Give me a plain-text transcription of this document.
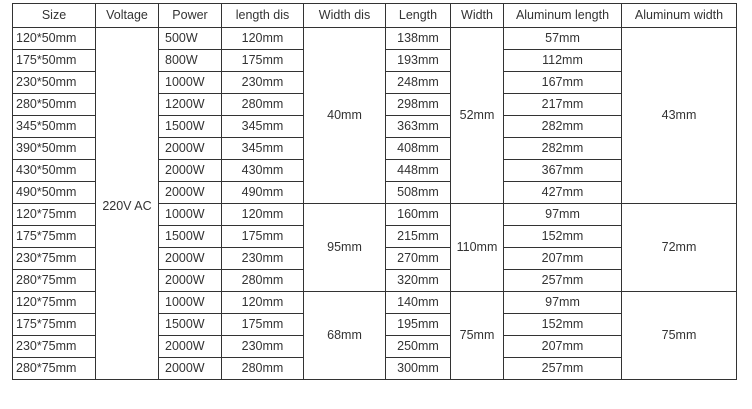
Size	Voltage	Power	length dis	Width dis	Length	Width	Aluminum length	Aluminum width
120*50mm	220V AC	500W	120mm	40mm	138mm	52mm	57mm	43mm
175*50mm		800W	175mm		193mm		112mm	
230*50mm		1000W	230mm		248mm		167mm	
280*50mm		1200W	280mm		298mm		217mm	
345*50mm		1500W	345mm		363mm		282mm	
390*50mm		2000W	345mm		408mm		282mm	
430*50mm		2000W	430mm		448mm		367mm	
490*50mm		2000W	490mm		508mm		427mm	
120*75mm		1000W	120mm	95mm	160mm	110mm	97mm	72mm
175*75mm		1500W	175mm		215mm		152mm	
230*75mm		2000W	230mm		270mm		207mm	
280*75mm		2000W	280mm		320mm		257mm	
120*75mm		1000W	120mm	68mm	140mm	75mm	97mm	75mm
175*75mm		1500W	175mm		195mm		152mm	
230*75mm		2000W	230mm		250mm		207mm	
280*75mm		2000W	280mm		300mm		257mm	
